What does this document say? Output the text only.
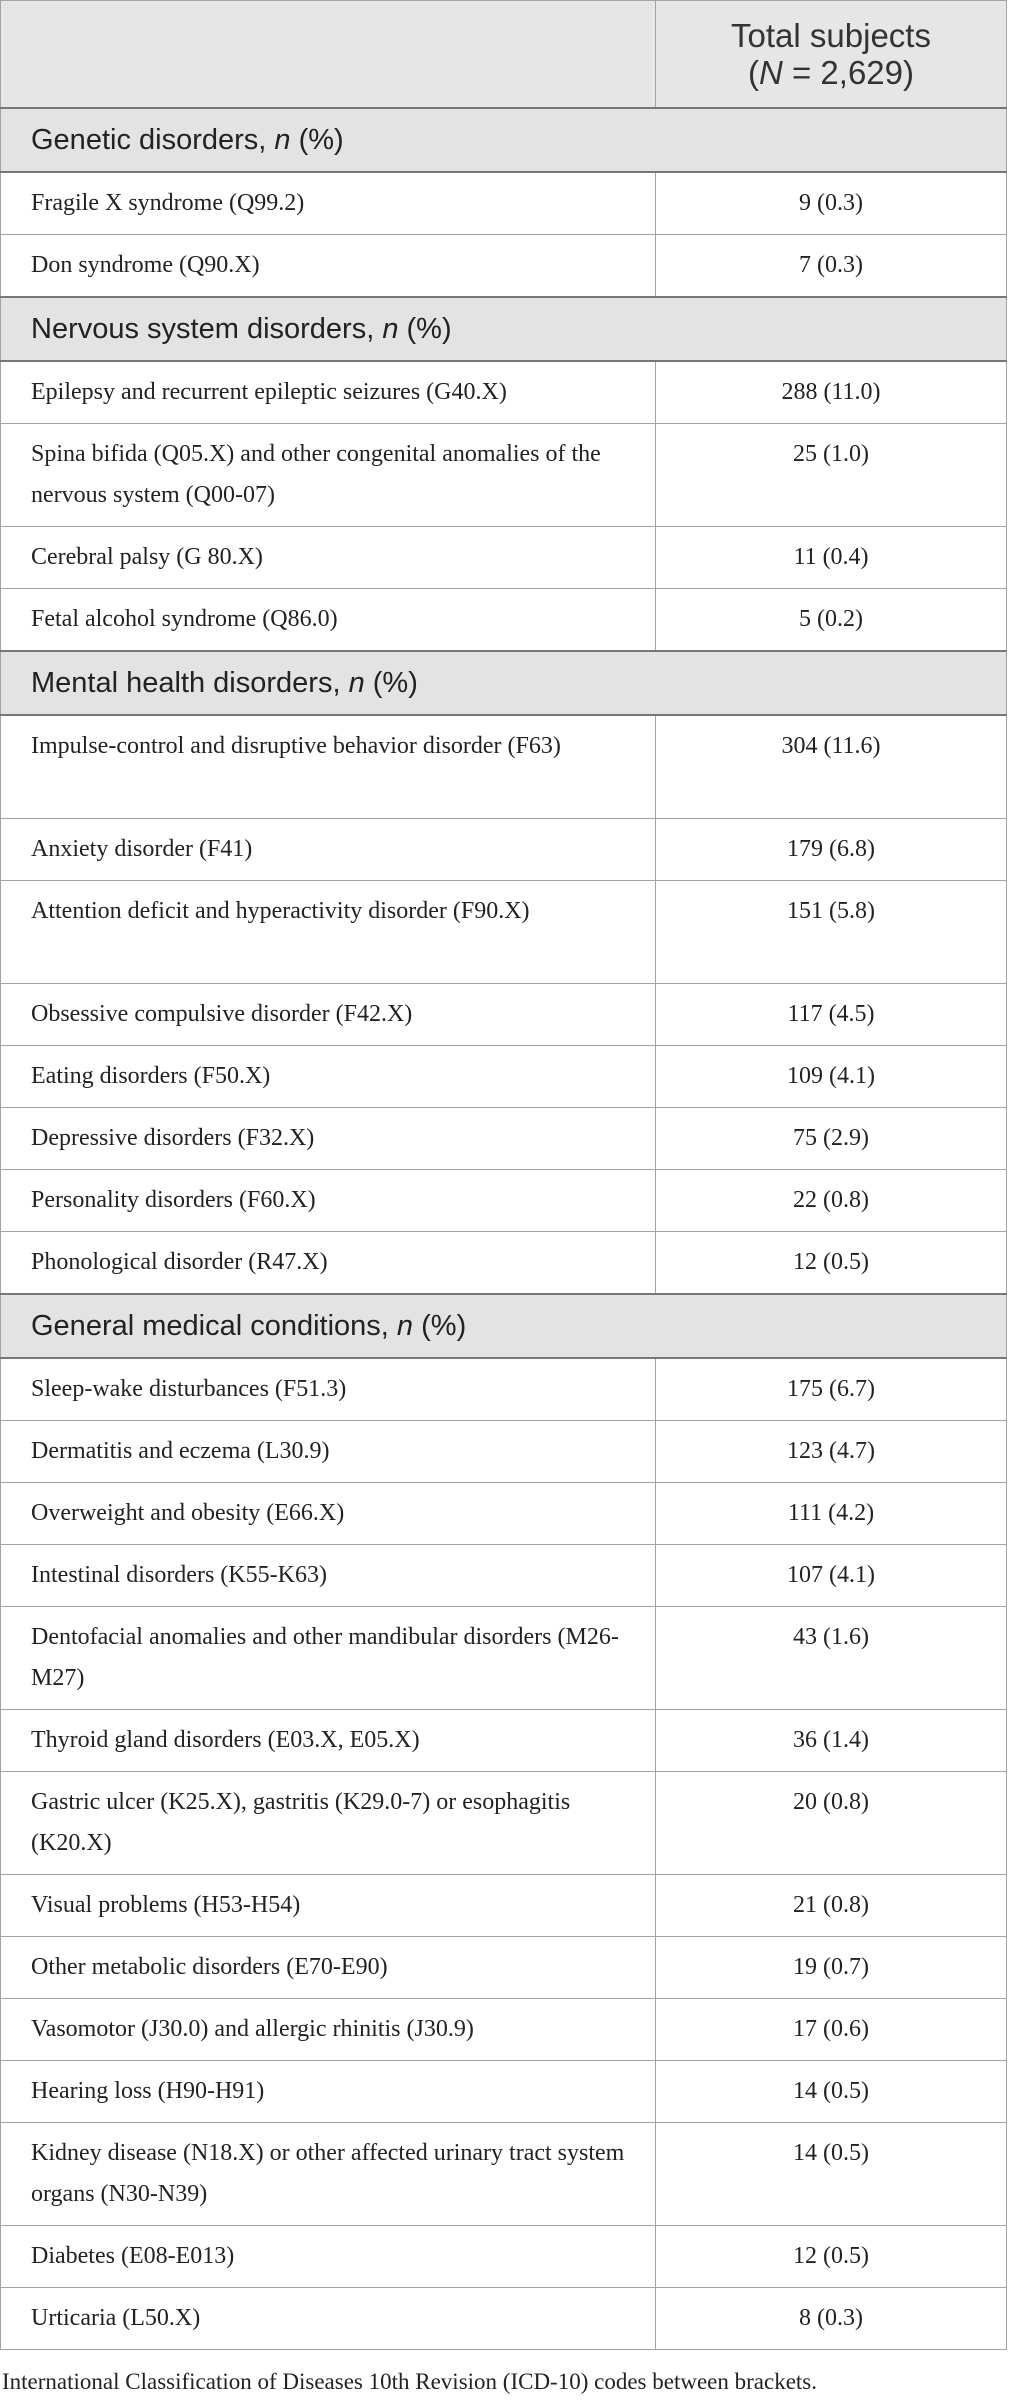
	Total subjects
(N = 2,629)

Genetic disorders, n (%)	
Fragile X syndrome (Q99.2)	9 (0.3)
Don syndrome (Q90.X)	7 (0.3)
Nervous system disorders, n (%)	
Epilepsy and recurrent epileptic seizures (G40.X)	288 (11.0)
Spina bifida (Q05.X) and other congenital anomalies of the nervous system (Q00-07)	25 (1.0)
Cerebral palsy (G 80.X)	11 (0.4)
Fetal alcohol syndrome (Q86.0)	5 (0.2)
Mental health disorders, n (%)	
Impulse-control and disruptive behavior disorder (F63)	304 (11.6)
Anxiety disorder (F41)	179 (6.8)
Attention deficit and hyperactivity disorder (F90.X)	151 (5.8)
Obsessive compulsive disorder (F42.X)	117 (4.5)
Eating disorders (F50.X)	109 (4.1)
Depressive disorders (F32.X)	75 (2.9)
Personality disorders (F60.X)	22 (0.8)
Phonological disorder (R47.X)	12 (0.5)
General medical conditions, n (%)	
Sleep-wake disturbances (F51.3)	175 (6.7)
Dermatitis and eczema (L30.9)	123 (4.7)
Overweight and obesity (E66.X)	111 (4.2)
Intestinal disorders (K55-K63)	107 (4.1)
Dentofacial anomalies and other mandibular disorders (M26-M27)	43 (1.6)
Thyroid gland disorders (E03.X, E05.X)	36 (1.4)
Gastric ulcer (K25.X), gastritis (K29.0-7) or esophagitis (K20.X)	20 (0.8)
Visual problems (H53-H54)	21 (0.8)
Other metabolic disorders (E70-E90)	19 (0.7)
Vasomotor (J30.0) and allergic rhinitis (J30.9)	17 (0.6)
Hearing loss (H90-H91)	14 (0.5)
Kidney disease (N18.X) or other affected urinary tract system organs (N30-N39)	14 (0.5)
Diabetes (E08-E013)	12 (0.5)
Urticaria (L50.X)	8 (0.3)
International Classification of Diseases 10th Revision (ICD-10) codes between brackets.
